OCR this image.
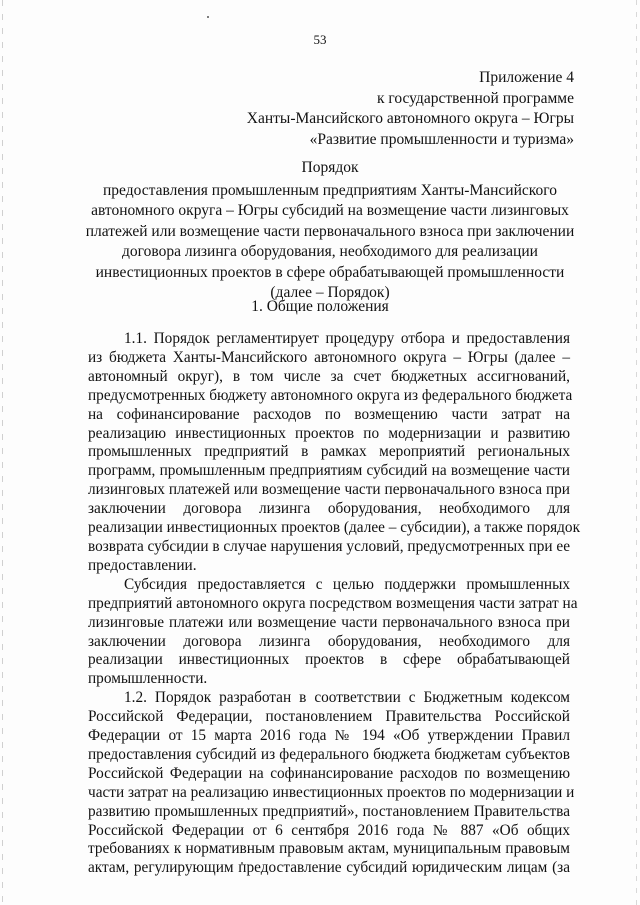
53
Приложение 4
к государственной программе
Ханты-Мансийского автономного округа – Югры
«Развитие промышленности и туризма»
Порядок
предоставления промышленным предприятиям Ханты-Мансийского
автономного округа – Югры субсидий на возмещение части лизинговых
платежей или возмещение части первоначального взноса при заключении
договора лизинга оборудования, необходимого для реализации
инвестиционных проектов в сфере обрабатывающей промышленности
(далее – Порядок)
1. Общие положения
1.1. Порядок регламентирует процедуру отбора и предоставления
из бюджета Ханты-Мансийского автономного округа – Югры (далее –
автономный округ), в том числе за счет бюджетных ассигнований,
предусмотренных бюджету автономного округа из федерального бюджета
на софинансирование расходов по возмещению части затрат на
реализацию инвестиционных проектов по модернизации и развитию
промышленных предприятий в рамках мероприятий региональных
программ, промышленным предприятиям субсидий на возмещение части
лизинговых платежей или возмещение части первоначального взноса при
заключении договора лизинга оборудования, необходимого для
реализации инвестиционных проектов (далее – субсидии), а также порядок
возврата субсидии в случае нарушения условий, предусмотренных при ее
предоставлении.
Субсидия предоставляется с целью поддержки промышленных
предприятий автономного округа посредством возмещения части затрат на
лизинговые платежи или возмещение части первоначального взноса при
заключении договора лизинга оборудования, необходимого для
реализации инвестиционных проектов в сфере обрабатывающей
промышленности.
1.2. Порядок разработан в соответствии с Бюджетным кодексом
Российской Федерации, постановлением Правительства Российской
Федерации от 15 марта 2016 года № 194 «Об утверждении Правил
предоставления субсидий из федерального бюджета бюджетам субъектов
Российской Федерации на софинансирование расходов по возмещению
части затрат на реализацию инвестиционных проектов по модернизации и
развитию промышленных предприятий», постановлением Правительства
Российской Федерации от 6 сентября 2016 года № 887 «Об общих
требованиях к нормативным правовым актам, муниципальным правовым
актам, регулирующим предоставление субсидий юридическим лицам (за
